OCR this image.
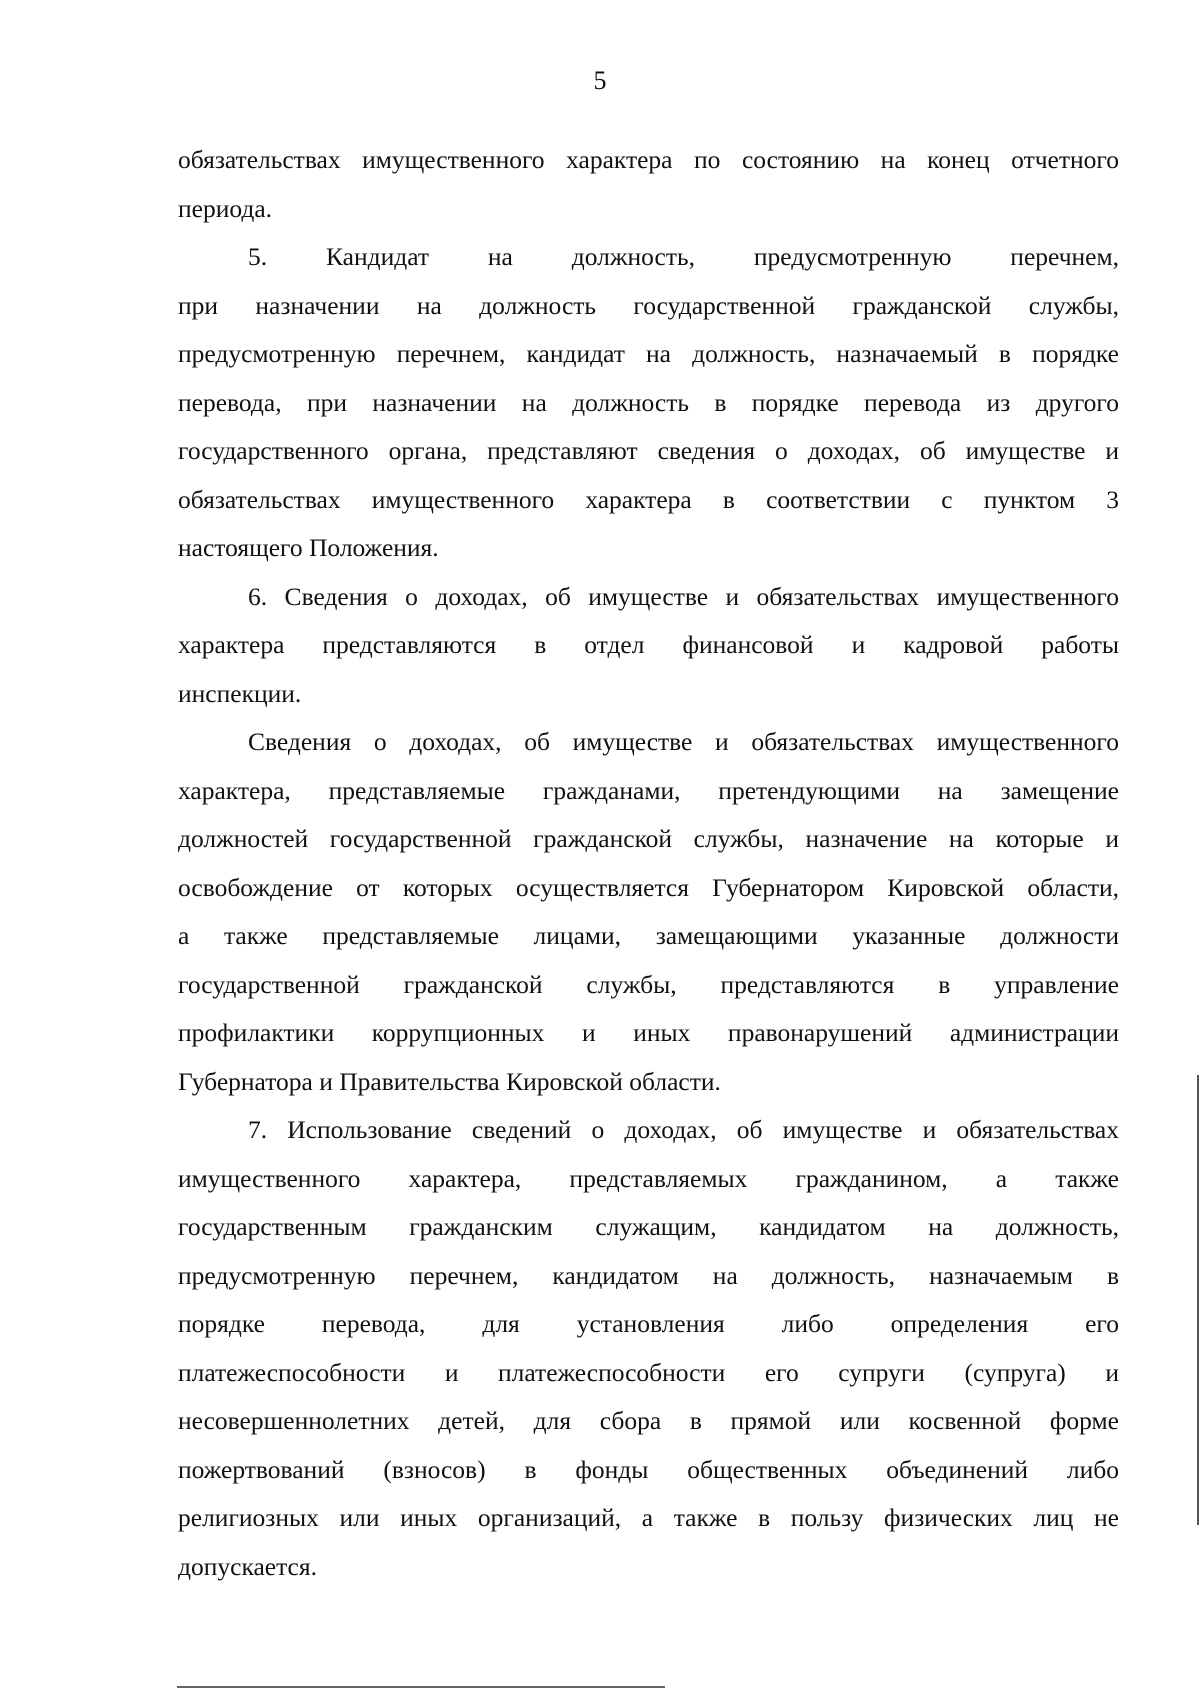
5
обязательствах имущественного характера по состоянию на конец отчетного
периода.
5. Кандидат на должность, предусмотренную перечнем,
при назначении на должность государственной гражданской службы,
предусмотренную перечнем, кандидат на должность, назначаемый в порядке
перевода, при назначении на должность в порядке перевода из другого
государственного органа, представляют сведения о доходах, об имуществе и
обязательствах имущественного характера в соответствии с пунктом 3
настоящего Положения.
6. Сведения о доходах, об имуществе и обязательствах имущественного
характера представляются в отдел финансовой и кадровой работы
инспекции.
Сведения о доходах, об имуществе и обязательствах имущественного
характера, представляемые гражданами, претендующими на замещение
должностей государственной гражданской службы, назначение на которые и
освобождение от которых осуществляется Губернатором Кировской области,
а также представляемые лицами, замещающими указанные должности
государственной гражданской службы, представляются в управление
профилактики коррупционных и иных правонарушений администрации
Губернатора и Правительства Кировской области.
7. Использование сведений о доходах, об имуществе и обязательствах
имущественного характера, представляемых гражданином, а также
государственным гражданским служащим, кандидатом на должность,
предусмотренную перечнем, кандидатом на должность, назначаемым в
порядке перевода, для установления либо определения его
платежеспособности и платежеспособности его супруги (супруга) и
несовершеннолетних детей, для сбора в прямой или косвенной форме
пожертвований (взносов) в фонды общественных объединений либо
религиозных или иных организаций, а также в пользу физических лиц не
допускается.
